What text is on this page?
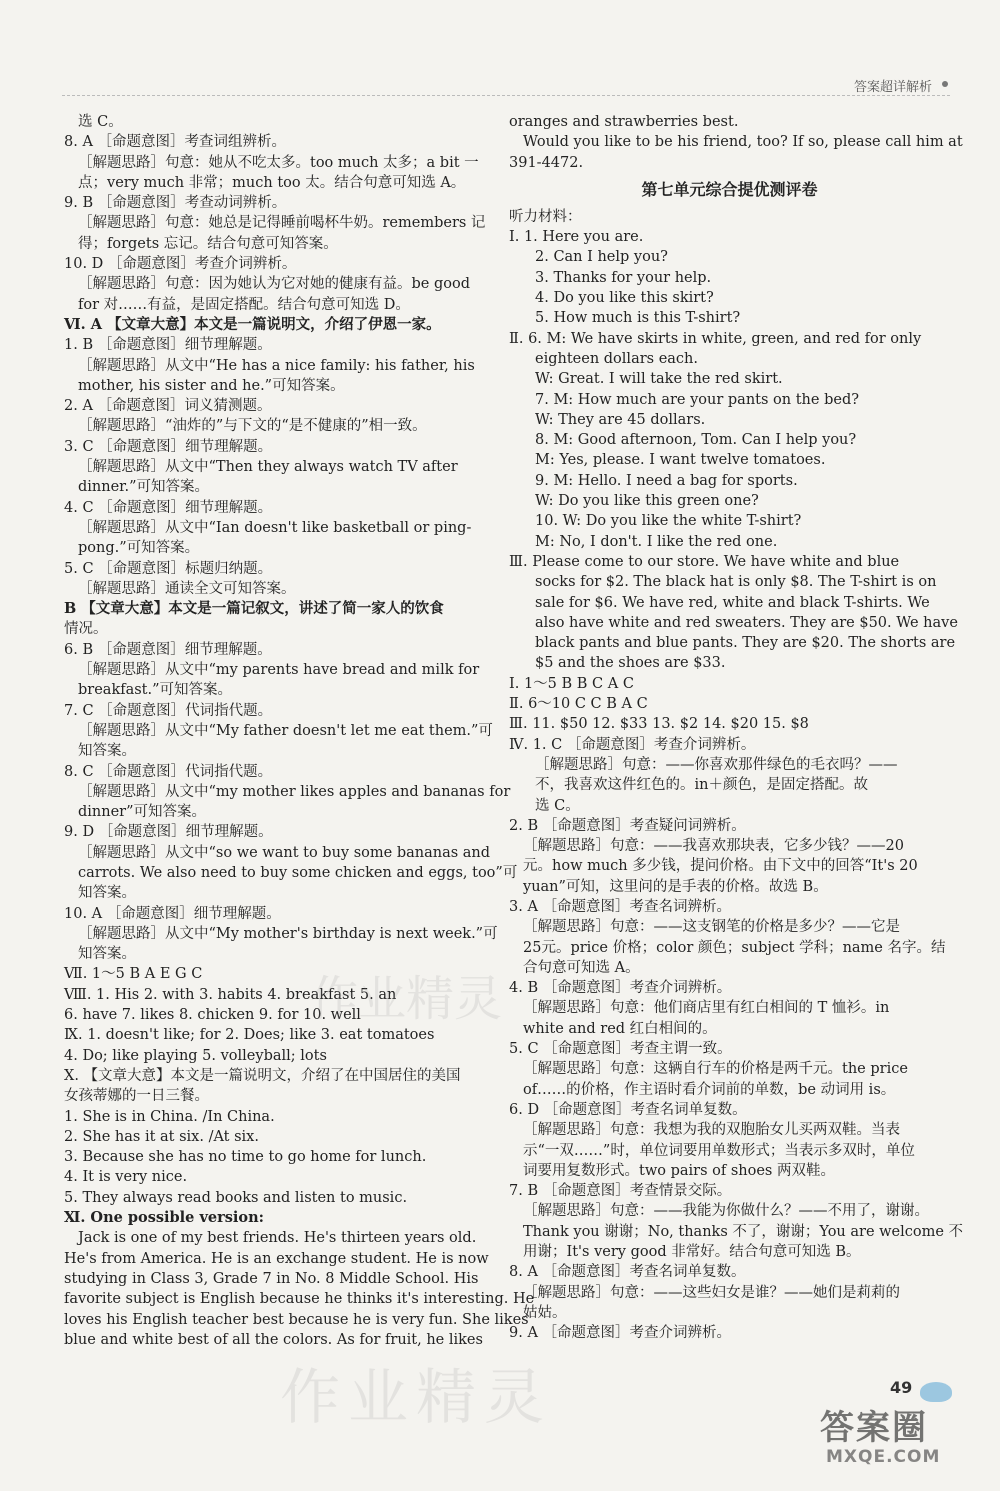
答案超详解析
选 C。
8. A ［命题意图］考查词组辨析。
［解题思路］句意：她从不吃太多。too much 太多；a bit 一
点；very much 非常；much too 太。结合句意可知选 A。
9. B ［命题意图］考查动词辨析。
［解题思路］句意：她总是记得睡前喝杯牛奶。remembers 记
得；forgets 忘记。结合句意可知答案。
10. D ［命题意图］考查介词辨析。
［解题思路］句意：因为她认为它对她的健康有益。be good
for 对……有益，是固定搭配。结合句意可知选 D。
Ⅵ. A 【文章大意】本文是一篇说明文，介绍了伊恩一家。
1. B ［命题意图］细节理解题。
［解题思路］从文中“He has a nice family: his father, his
mother, his sister and he.”可知答案。
2. A ［命题意图］词义猜测题。
［解题思路］“油炸的”与下文的“是不健康的”相一致。
3. C ［命题意图］细节理解题。
［解题思路］从文中“Then they always watch TV after
dinner.”可知答案。
4. C ［命题意图］细节理解题。
［解题思路］从文中“Ian doesn't like basketball or ping-
pong.”可知答案。
5. C ［命题意图］标题归纳题。
［解题思路］通读全文可知答案。
B 【文章大意】本文是一篇记叙文，讲述了简一家人的饮食
情况。
6. B ［命题意图］细节理解题。
［解题思路］从文中“my parents have bread and milk for
breakfast.”可知答案。
7. C ［命题意图］代词指代题。
［解题思路］从文中“My father doesn't let me eat them.”可
知答案。
8. C ［命题意图］代词指代题。
［解题思路］从文中“my mother likes apples and bananas for
dinner”可知答案。
9. D ［命题意图］细节理解题。
［解题思路］从文中“so we want to buy some bananas and
carrots. We also need to buy some chicken and eggs, too”可
知答案。
10. A ［命题意图］细节理解题。
［解题思路］从文中“My mother's birthday is next week.”可
知答案。
Ⅶ. 1～5 B A E G C
Ⅷ. 1. His 2. with 3. habits 4. breakfast 5. an
6. have 7. likes 8. chicken 9. for 10. well
Ⅸ. 1. doesn't like; for 2. Does; like 3. eat tomatoes
4. Do; like playing 5. volleyball; lots
Ⅹ. 【文章大意】本文是一篇说明文，介绍了在中国居住的美国
女孩蒂娜的一日三餐。
1. She is in China. /In China.
2. She has it at six. /At six.
3. Because she has no time to go home for lunch.
4. It is very nice.
5. They always read books and listen to music.
Ⅺ. One possible version:
Jack is one of my best friends. He's thirteen years old.
He's from America. He is an exchange student. He is now
studying in Class 3, Grade 7 in No. 8 Middle School. His
favorite subject is English because he thinks it's interesting. He
loves his English teacher best because he is very fun. She likes
blue and white best of all the colors. As for fruit, he likes
oranges and strawberries best.
Would you like to be his friend, too? If so, please call him at
391-4472.
第七单元综合提优测评卷
听力材料：
Ⅰ. 1. Here you are.
2. Can I help you?
3. Thanks for your help.
4. Do you like this skirt?
5. How much is this T-shirt?
Ⅱ. 6. M: We have skirts in white, green, and red for only
eighteen dollars each.
W: Great. I will take the red skirt.
7. M: How much are your pants on the bed?
W: They are 45 dollars.
8. M: Good afternoon, Tom. Can I help you?
M: Yes, please. I want twelve tomatoes.
9. M: Hello. I need a bag for sports.
W: Do you like this green one?
10. W: Do you like the white T-shirt?
M: No, I don't. I like the red one.
Ⅲ. Please come to our store. We have white and blue
socks for $2. The black hat is only $8. The T-shirt is on
sale for $6. We have red, white and black T-shirts. We
also have white and red sweaters. They are $50. We have
black pants and blue pants. They are $20. The shorts are
$5 and the shoes are $33.
Ⅰ. 1～5 B B C A C
Ⅱ. 6～10 C C B A C
Ⅲ. 11. $50 12. $33 13. $2 14. $20 15. $8
Ⅳ. 1. C ［命题意图］考查介词辨析。
［解题思路］句意：——你喜欢那件绿色的毛衣吗？——
不，我喜欢这件红色的。in＋颜色，是固定搭配。故
选 C。
2. B ［命题意图］考查疑问词辨析。
［解题思路］句意：——我喜欢那块表，它多少钱？——20
元。how much 多少钱，提问价格。由下文中的回答“It's 20
yuan”可知，这里问的是手表的价格。故选 B。
3. A ［命题意图］考查名词辨析。
［解题思路］句意：——这支钢笔的价格是多少？——它是
25元。price 价格；color 颜色；subject 学科；name 名字。结
合句意可知选 A。
4. B ［命题意图］考查介词辨析。
［解题思路］句意：他们商店里有红白相间的 T 恤衫。in
white and red 红白相间的。
5. C ［命题意图］考查主谓一致。
［解题思路］句意：这辆自行车的价格是两千元。the price
of……的价格，作主语时看介词前的单数，be 动词用 is。
6. D ［命题意图］考查名词单复数。
［解题思路］句意：我想为我的双胞胎女儿买两双鞋。当表
示“一双……”时，单位词要用单数形式；当表示多双时，单位
词要用复数形式。two pairs of shoes 两双鞋。
7. B ［命题意图］考查情景交际。
［解题思路］句意：——我能为你做什么？——不用了，谢谢。
Thank you 谢谢；No, thanks 不了，谢谢；You are welcome 不
用谢；It's very good 非常好。结合句意可知选 B。
8. A ［命题意图］考查名词单复数。
［解题思路］句意：——这些妇女是谁？——她们是莉莉的
姑姑。
9. A ［命题意图］考查介词辨析。
作业精灵
作业精灵	49
答案圈
MXQE.COM
